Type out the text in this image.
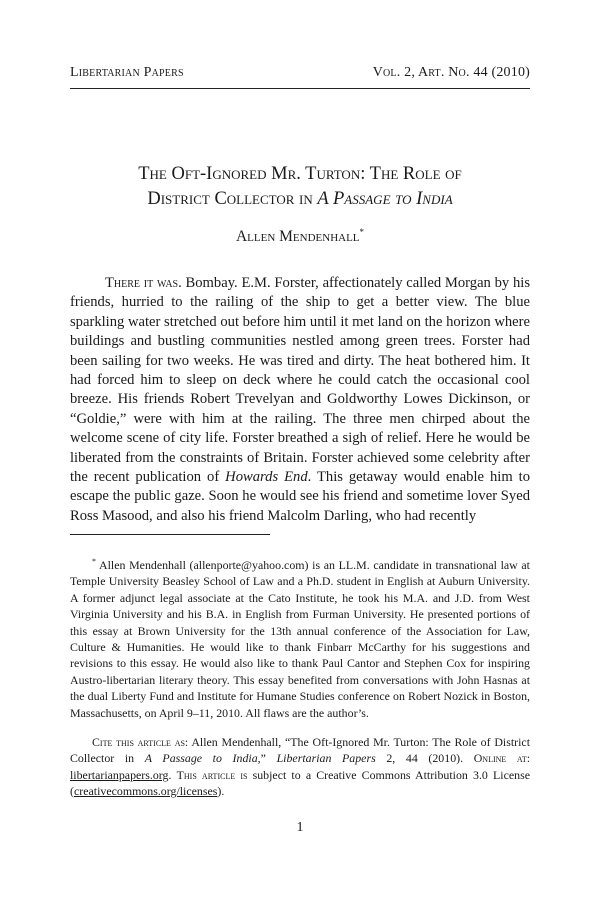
Libertarian Papers	Vol. 2, Art. No. 44 (2010)
The Oft-Ignored Mr. Turton: The Role of
District Collector in A Passage to India
Allen Mendenhall*
There it was. Bombay. E.M. Forster, affectionately called Morgan by his friends, hurried to the railing of the ship to get a better view. The blue sparkling water stretched out before him until it met land on the horizon where buildings and bustling communities nestled among green trees. Forster had been sailing for two weeks. He was tired and dirty. The heat bothered him. It had forced him to sleep on deck where he could catch the occasional cool breeze. His friends Robert Trevelyan and Goldworthy Lowes Dickinson, or “Goldie,” were with him at the railing. The three men chirped about the welcome scene of city life. Forster breathed a sigh of relief. Here he would be liberated from the constraints of Britain. Forster achieved some celebrity after the recent publication of Howards End. This getaway would enable him to escape the public gaze. Soon he would see his friend and sometime lover Syed Ross Masood, and also his friend Malcolm Darling, who had recently
* Allen Mendenhall (allenporte@yahoo.com) is an LL.M. candidate in transnational law at Temple University Beasley School of Law and a Ph.D. student in English at Auburn University. A former adjunct legal associate at the Cato Institute, he took his M.A. and J.D. from West Virginia University and his B.A. in English from Furman University. He presented portions of this essay at Brown University for the 13th annual conference of the Association for Law, Culture & Humanities. He would like to thank Finbarr McCarthy for his suggestions and revisions to this essay. He would also like to thank Paul Cantor and Stephen Cox for inspiring Austro-libertarian literary theory. This essay benefited from conversations with John Hasnas at the dual Liberty Fund and Institute for Humane Studies conference on Robert Nozick in Boston, Massachusetts, on April 9–11, 2010. All flaws are the author’s.
Cite this article as: Allen Mendenhall, “The Oft-Ignored Mr. Turton: The Role of District Collector in A Passage to India,” Libertarian Papers 2, 44 (2010). Online at: libertarianpapers.org. This article is subject to a Creative Commons Attribution 3.0 License (creativecommons.org/licenses).
1
